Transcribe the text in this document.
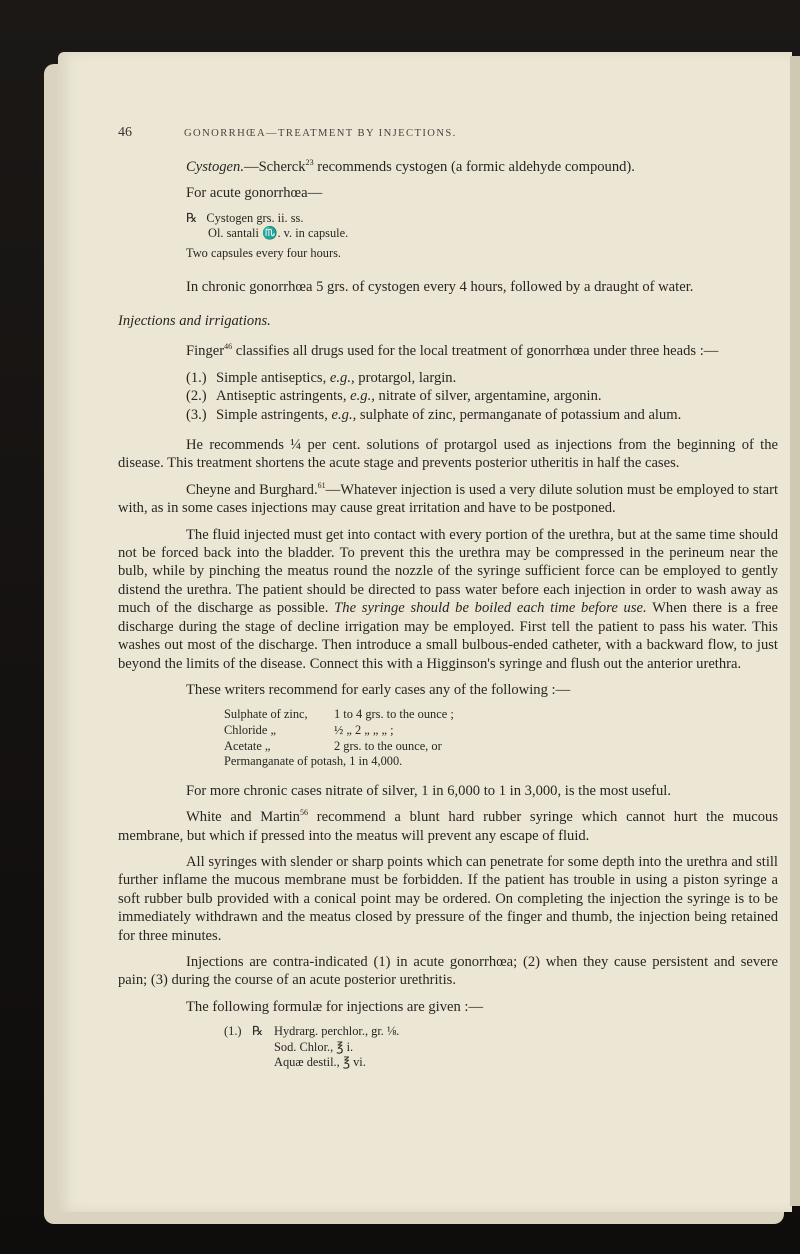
46	GONORRHŒA—TREATMENT BY INJECTIONS.

Cystogen.—Scherck$^{23}$ recommends cystogen (a formic aldehyde compound).

For acute gonorrhœa—

℞ Cystogen grs. ii. ss.
Ol. santali ♏. v. in capsule.
Two capsules every four hours.

In chronic gonorrhœa 5 grs. of cystogen every 4 hours, followed by a draught of water.

Injections and irrigations.

Finger$^{46}$ classifies all drugs used for the local treatment of gonorrhœa under three heads :—

(1.) Simple antiseptics, e.g., protargol, largin.
(2.) Antiseptic astringents, e.g., nitrate of silver, argentamine, argonin.
(3.) Simple astringents, e.g., sulphate of zinc, permanganate of potassium and alum.

He recommends ¼ per cent. solutions of protargol used as injections from the beginning of the disease. This treatment shortens the acute stage and prevents posterior utheritis in half the cases.

Cheyne and Burghard.$^{61}$—Whatever injection is used a very dilute solution must be employed to start with, as in some cases injections may cause great irritation and have to be postponed.

The fluid injected must get into contact with every portion of the urethra, but at the same time should not be forced back into the bladder. To prevent this the urethra may be compressed in the perineum near the bulb, while by pinching the meatus round the nozzle of the syringe sufficient force can be employed to gently distend the urethra. The patient should be directed to pass water before each injection in order to wash away as much of the discharge as possible. The syringe should be boiled each time before use. When there is a free discharge during the stage of decline irrigation may be employed. First tell the patient to pass his water. This washes out most of the discharge. Then introduce a small bulbous-ended catheter, with a backward flow, to just beyond the limits of the disease. Connect this with a Higginson's syringe and flush out the anterior urethra.

These writers recommend for early cases any of the following :—

Sulphate of zinc,	1 to 4 grs. to the ounce ;
Chloride „	½ „ 2 „ „ „ ;
Acetate „	2 grs. to the ounce, or
Permanganate of potash, 1 in 4,000.

For more chronic cases nitrate of silver, 1 in 6,000 to 1 in 3,000, is the most useful.

White and Martin$^{56}$ recommend a blunt hard rubber syringe which cannot hurt the mucous membrane, but which if pressed into the meatus will prevent any escape of fluid.

All syringes with slender or sharp points which can penetrate for some depth into the urethra and still further inflame the mucous membrane must be forbidden. If the patient has trouble in using a piston syringe a soft rubber bulb provided with a conical point may be ordered. On completing the injection the syringe is to be immediately withdrawn and the meatus closed by pressure of the finger and thumb, the injection being retained for three minutes.

Injections are contra-indicated (1) in acute gonorrhœa; (2) when they cause persistent and severe pain; (3) during the course of an acute posterior urethritis.

The following formulæ for injections are given :—

(1.) ℞ Hydrarg. perchlor., gr. ⅛.
Sod. Chlor., ℥ i.
Aquæ destil., ℥ vi.
